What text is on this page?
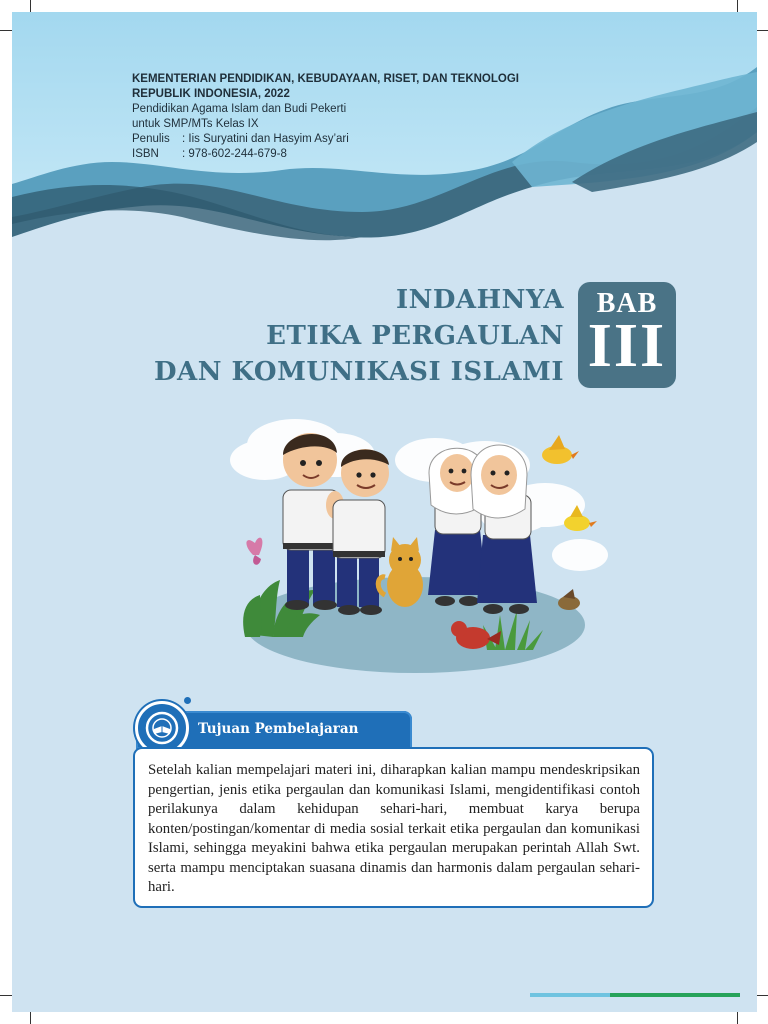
KEMENTERIAN PENDIDIKAN, KEBUDAYAAN, RISET, DAN TEKNOLOGI
REPUBLIK INDONESIA, 2022
Pendidikan Agama Islam dan Budi Pekerti
untuk SMP/MTs Kelas IX
Penulis	: Iis Suryatini dan Hasyim Asy’ari
ISBN	: 978-602-244-679-8
INDAHNYA
ETIKA PERGAULAN
DAN KOMUNIKASI ISLAMI
BAB
III
Tujuan Pembelajaran

Setelah kalian mempelajari materi ini, diharapkan kalian mampu mendeskripsikan pengertian, jenis etika pergaulan dan komunikasi Islami, mengidentifikasi contoh perilakunya dalam kehidupan sehari-hari, membuat karya berupa konten/postingan/komentar di media sosial terkait etika pergaulan dan komunikasi Islami, sehingga meyakini bahwa etika pergaulan merupakan perintah Allah Swt. serta mampu menciptakan suasana dinamis dan harmonis dalam pergaulan sehari-hari.
